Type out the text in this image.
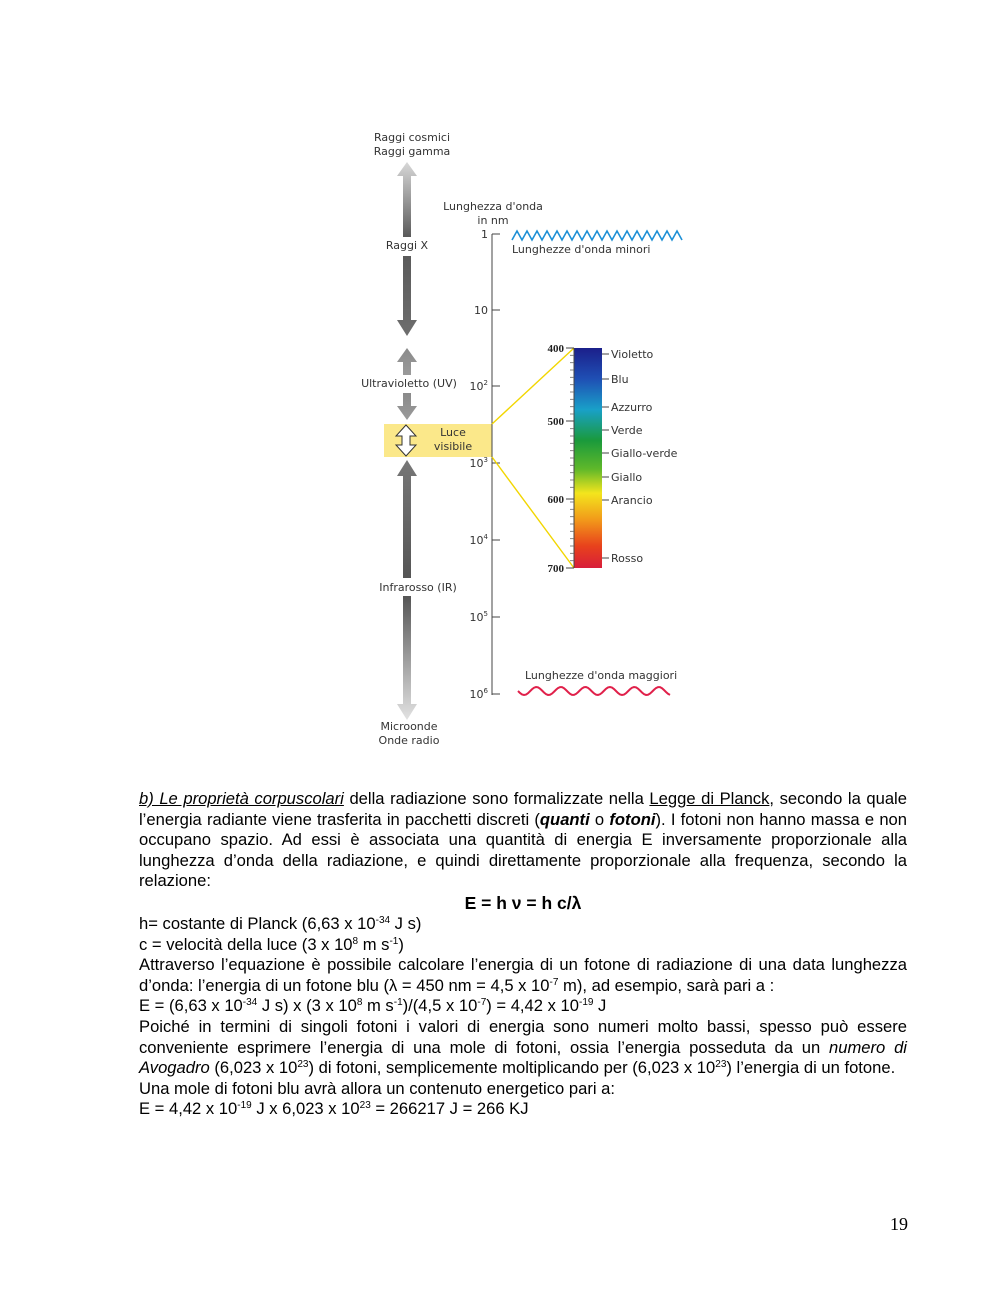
Raggi cosmici
Raggi gamma
Raggi X
Ultravioletto (UV)
Luce
visibile
Infrarosso (IR)
Microonde
Onde radio
Lunghezza d'onda
in nm
1
10
$10^2$
$10^3$
$10^4$
$10^5$
$10^6$
Lunghezze d'onda minori
Lunghezze d'onda maggiori
400
500
600
700
Violetto
Blu
Azzurro
Verde
Giallo-verde
Giallo
Arancio
Rosso

b) Le proprietà corpuscolari della radiazione sono formalizzate nella Legge di Planck, secondo la quale l’energia radiante viene trasferita in pacchetti discreti (quanti o fotoni). I fotoni non hanno massa e non occupano spazio. Ad essi è associata una quantità di energia E inversamente proporzionale alla lunghezza d’onda della radiazione, e quindi direttamente proporzionale alla frequenza, secondo la relazione:

E = h ν = h c/λ

h= costante di Planck (6,63 x $10^{-34}$ J s)

c = velocità della luce (3 x $10^8$ m $s^{-1}$)

Attraverso l’equazione è possibile calcolare l’energia di un fotone di radiazione di una data lunghezza d’onda: l’energia di un fotone blu (λ = 450 nm = 4,5 x $10^{-7}$ m), ad esempio, sarà pari a :

E = (6,63 x $10^{-34}$ J s) x (3 x $10^8$ m $s^{-1})/(4,5$ x $10^{-7}) = 4,42$ x $10^{-19}$ J

Poiché in termini di singoli fotoni i valori di energia sono numeri molto bassi, spesso può essere conveniente esprimere l’energia di una mole di fotoni, ossia l’energia posseduta da un numero di Avogadro (6,023 x $10^{23}$) di fotoni, semplicemente moltiplicando per (6,023 x $10^{23}$) l’energia di un fotone.

Una mole di fotoni blu avrà allora un contenuto energetico pari a:

E = 4,42 x $10^{-19}$ J x 6,023 x $10^{23} = 266217$ J = 266 KJ

19
